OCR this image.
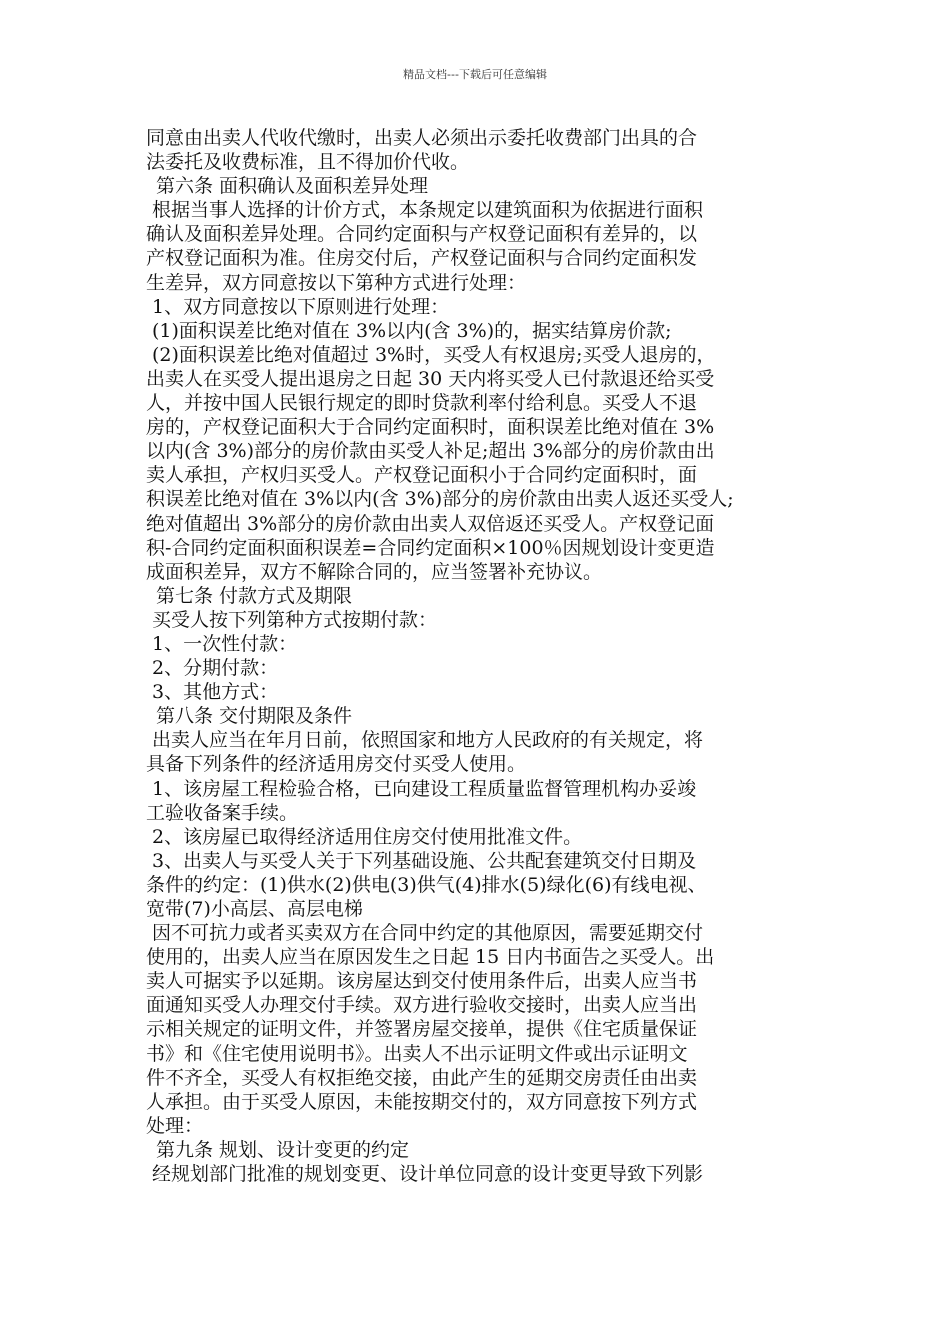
精品文档---下载后可任意编辑
同意由出卖人代收代缴时，出卖人必须出示委托收费部门出具的合
法委托及收费标准，且不得加价代收。
第六条 面积确认及面积差异处理
根据当事人选择的计价方式，本条规定以建筑面积为依据进行面积
确认及面积差异处理。合同约定面积与产权登记面积有差异的，以
产权登记面积为准。住房交付后，产权登记面积与合同约定面积发
生差异，双方同意按以下第种方式进行处理：
1、双方同意按以下原则进行处理：
(1)面积误差比绝对值在 3%以内(含 3%)的，据实结算房价款;
(2)面积误差比绝对值超过 3%时，买受人有权退房;买受人退房的，
出卖人在买受人提出退房之日起 30 天内将买受人已付款退还给买受
人，并按中国人民银行规定的即时贷款利率付给利息。买受人不退
房的，产权登记面积大于合同约定面积时，面积误差比绝对值在 3%
以内(含 3%)部分的房价款由买受人补足;超出 3%部分的房价款由出
卖人承担，产权归买受人。产权登记面积小于合同约定面积时，面
积误差比绝对值在 3%以内(含 3%)部分的房价款由出卖人返还买受人;
绝对值超出 3%部分的房价款由出卖人双倍返还买受人。产权登记面
积-合同约定面积面积误差=合同约定面积×100％因规划设计变更造
成面积差异，双方不解除合同的，应当签署补充协议。
第七条 付款方式及期限
买受人按下列第种方式按期付款：
1、一次性付款：
2、分期付款：
3、其他方式：
第八条 交付期限及条件
出卖人应当在年月日前，依照国家和地方人民政府的有关规定，将
具备下列条件的经济适用房交付买受人使用。
1、该房屋工程检验合格，已向建设工程质量监督管理机构办妥竣
工验收备案手续。
2、该房屋已取得经济适用住房交付使用批准文件。
3、出卖人与买受人关于下列基础设施、公共配套建筑交付日期及
条件的约定：(1)供水(2)供电(3)供气(4)排水(5)绿化(6)有线电视、
宽带(7)小高层、高层电梯
因不可抗力或者买卖双方在合同中约定的其他原因，需要延期交付
使用的，出卖人应当在原因发生之日起 15 日内书面告之买受人。出
卖人可据实予以延期。该房屋达到交付使用条件后，出卖人应当书
面通知买受人办理交付手续。双方进行验收交接时，出卖人应当出
示相关规定的证明文件，并签署房屋交接单，提供《住宅质量保证
书》和《住宅使用说明书》。出卖人不出示证明文件或出示证明文
件不齐全，买受人有权拒绝交接，由此产生的延期交房责任由出卖
人承担。由于买受人原因，未能按期交付的，双方同意按下列方式
处理：
第九条 规划、设计变更的约定
经规划部门批准的规划变更、设计单位同意的设计变更导致下列影
